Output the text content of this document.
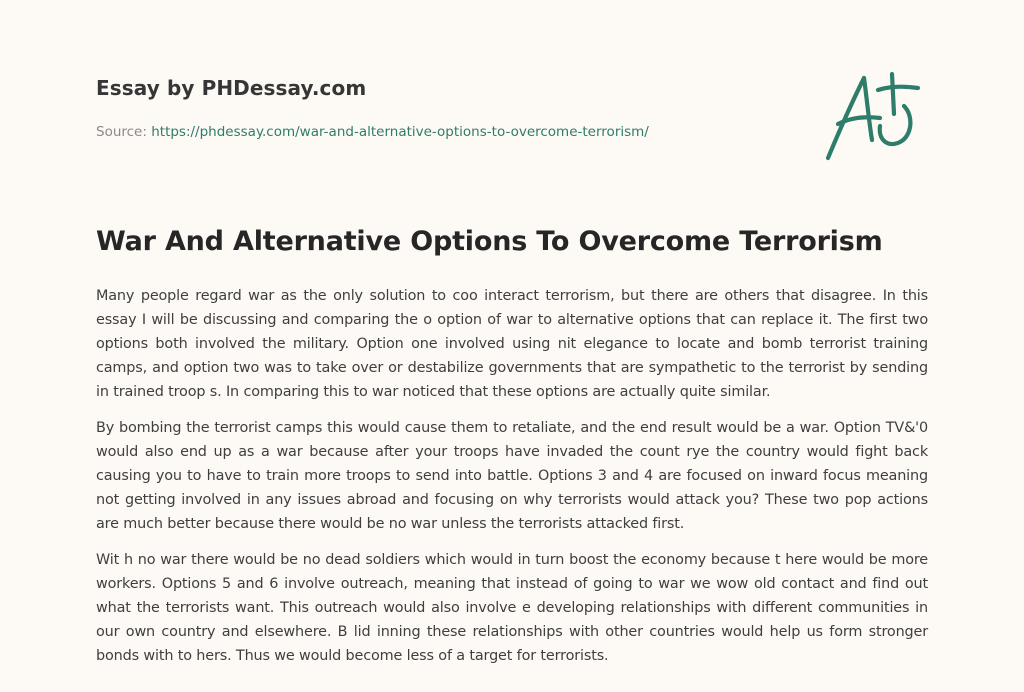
Essay by PHDessay.com

Source: https://phdessay.com/war-and-alternative-options-to-overcome-terrorism/

War And Alternative Options To Overcome Terrorism

Many people regard war as the only solution to coo interact terrorism, but there are others that disagree. In this essay I will be discussing and comparing the o option of war to alternative options that can replace it. The first two options both involved the military. Option one involved using nit elegance to locate and bomb terrorist training camps, and option two was to take over or destabilize governments that are sympathetic to the terrorist by sending in trained troop s. In comparing this to war noticed that these options are actually quite similar.

By bombing the terrorist camps this would cause them to retaliate, and the end result would be a war. Option TV&'0 would also end up as a war because after your troops have invaded the count rye the country would fight back causing you to have to train more troops to send into battle. Options 3 and 4 are focused on inward focus meaning not getting involved in any issues abroad and focusing on why terrorists would attack you? These two pop actions are much better because there would be no war unless the terrorists attacked first.

Wit h no war there would be no dead soldiers which would in turn boost the economy because t here would be more workers. Options 5 and 6 involve outreach, meaning that instead of going to war we wow old contact and find out what the terrorists want. This outreach would also involve e developing relationships with different communities in our own country and elsewhere. B lid inning these relationships with other countries would help us form stronger bonds with to hers. Thus we would become less of a target for terrorists.
